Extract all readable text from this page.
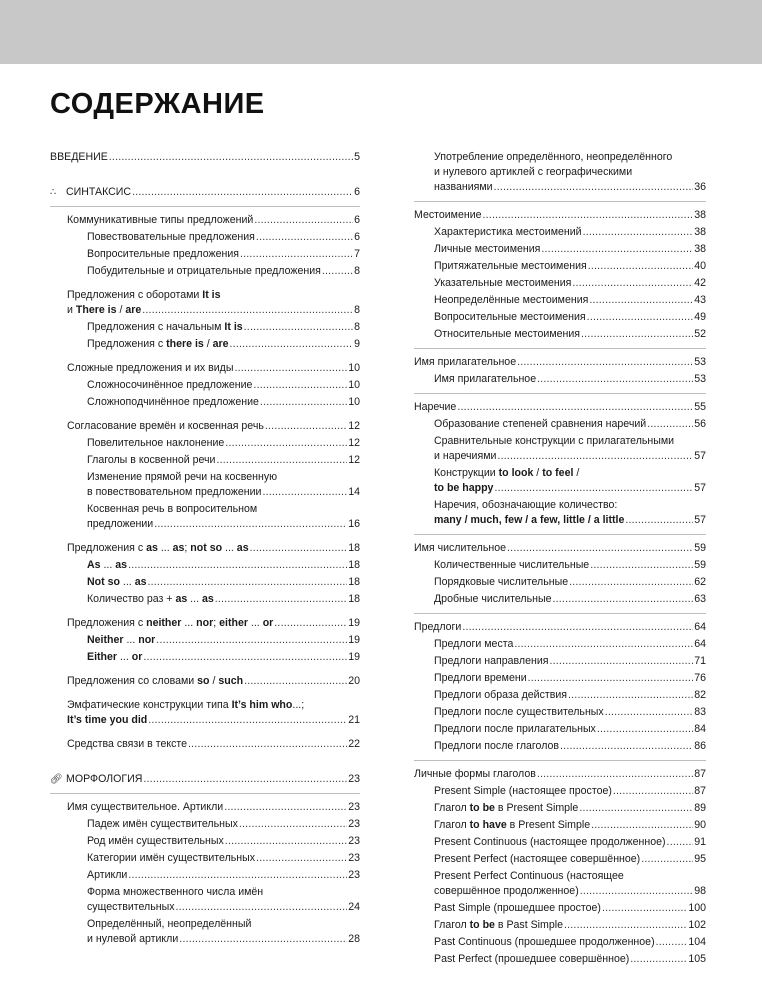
СОДЕРЖАНИЕ
ВВЕДЕНИЕ .....	5
∴ СИНТАКСИС .....	6
Коммуникативные типы предложений .....	6
Повествовательные предложения .....	6
Вопросительные предложения .....	7
Побудительные и отрицательные предложения .....	8
Предложения с оборотами It is
и There is / are .....	8
Предложения с начальным It is .....	8
Предложения с there is / are .....	9
Сложные предложения и их виды .....	10
Сложносочинённое предложение .....	10
Сложноподчинённое предложение .....	10
Согласование времён и косвенная речь .....	12
Повелительное наклонение .....	12
Глаголы в косвенной речи .....	12
Изменение прямой речи на косвенную
в повествовательном предложении .....	14
Косвенная речь в вопросительном
предложении .....	16
Предложения с as ... as; not so ... as .....	18
As ... as .....	18
Not so ... as .....	18
Количество раз + as ... as .....	18
Предложения с neither ... nor; either ... or .....	19
Neither ... nor .....	19
Either ... or .....	19
Предложения со словами so / such .....	20
Эмфатические конструкции типа It’s him who...;
It’s time you did .....	21
Средства связи в тексте .....	22
🔗︎ МОРФОЛОГИЯ .....	23
Имя существительное. Артикли .....	23
Падеж имён существительных .....	23
Род имён существительных .....	23
Категории имён существительных .....	23
Артикли .....	23
Форма множественного числа имён
существительных .....	24
Определённый, неопределённый
и нулевой артикли .....	28
Употребление определённого, неопределённого
и нулевого артиклей с географическими
названиями .....	36
Местоимение .....	38
Характеристика местоимений .....	38
Личные местоимения .....	38
Притяжательные местоимения .....	40
Указательные местоимения .....	42
Неопределённые местоимения .....	43
Вопросительные местоимения .....	49
Относительные местоимения .....	52
Имя прилагательное .....	53
Имя прилагательное .....	53
Наречие .....	55
Образование степеней сравнения наречий .....	56
Сравнительные конструкции с прилагательными
и наречиями .....	57
Конструкции to look / to feel /
to be happy .....	57
Наречия, обозначающие количество:
many / much, few / a few, little / a little .....	57
Имя числительное .....	59
Количественные числительные .....	59
Порядковые числительные .....	62
Дробные числительные .....	63
Предлоги .....	64
Предлоги места .....	64
Предлоги направления .....	71
Предлоги времени .....	76
Предлоги образа действия .....	82
Предлоги после существительных .....	83
Предлоги после прилагательных .....	84
Предлоги после глаголов .....	86
Личные формы глаголов .....	87
Present Simple (настоящее простое) .....	87
Глагол to be в Present Simple .....	89
Глагол to have в Present Simple .....	90
Present Continuous (настоящее продолженное) .....	91
Present Perfect (настоящее совершённое) .....	95
Present Perfect Continuous (настоящее
совершённое продолженное) .....	98
Past Simple (прошедшее простое) .....	100
Глагол to be в Past Simple .....	102
Past Continuous (прошедшее продолженное) .....	104
Past Perfect (прошедшее совершённое) .....	105
